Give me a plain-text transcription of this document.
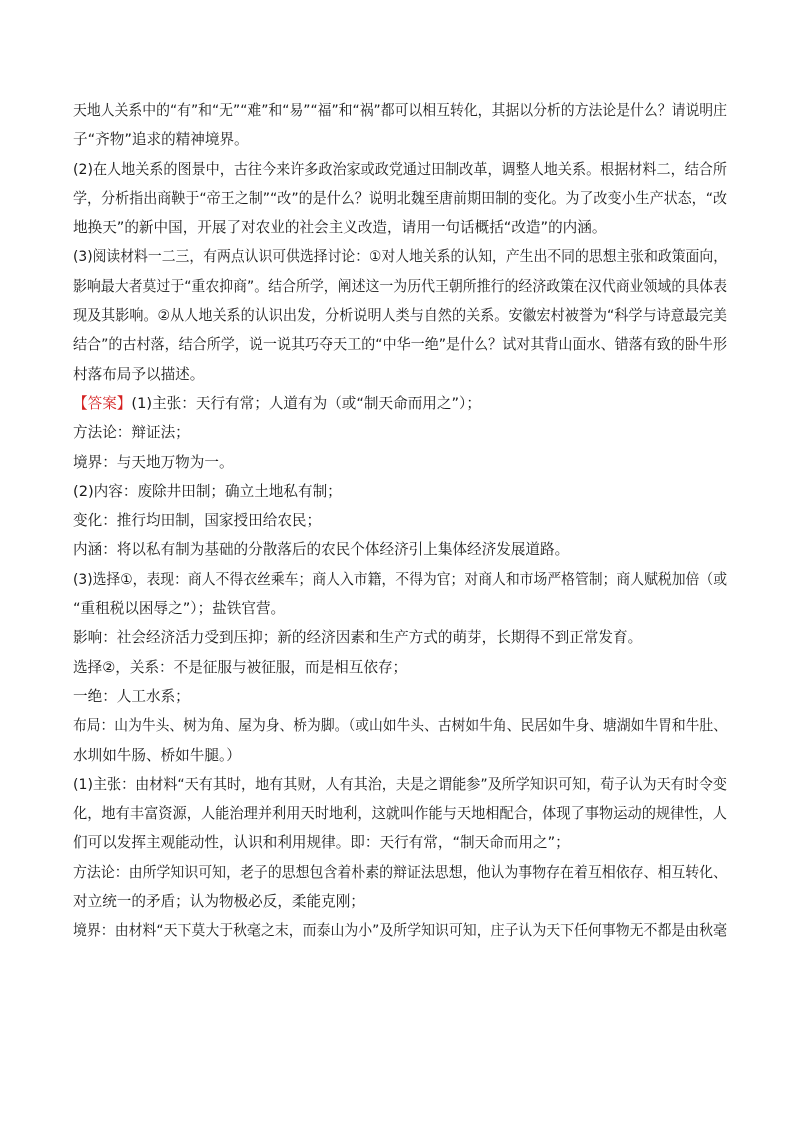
天地人关系中的“有”和“无”“难”和“易”“福”和“祸”都可以相互转化，其据以分析的方法论是什么？请说明庄
子“齐物”追求的精神境界。

(2)在人地关系的图景中，古往今来许多政治家或政党通过田制改革，调整人地关系。根据材料二，结合所
学，分析指出商鞅于“帝王之制”“改”的是什么？说明北魏至唐前期田制的变化。为了改变小生产状态，“改
地换天”的新中国，开展了对农业的社会主义改造，请用一句话概括“改造”的内涵。

(3)阅读材料一二三，有两点认识可供选择讨论：①对人地关系的认知，产生出不同的思想主张和政策面向，
影响最大者莫过于“重农抑商”。结合所学，阐述这一为历代王朝所推行的经济政策在汉代商业领域的具体表
现及其影响。②从人地关系的认识出发，分析说明人类与自然的关系。安徽宏村被誉为“科学与诗意最完美
结合”的古村落，结合所学，说一说其巧夺天工的“中华一绝”是什么？试对其背山面水、错落有致的卧牛形
村落布局予以描述。

【答案】(1)主张：天行有常；人道有为（或“制天命而用之”）；
方法论：辩证法；
境界：与天地万物为一。
(2)内容：废除井田制；确立土地私有制；
变化：推行均田制，国家授田给农民；
内涵：将以私有制为基础的分散落后的农民个体经济引上集体经济发展道路。
(3)选择①，表现：商人不得衣丝乘车；商人入市籍，不得为官；对商人和市场严格管制；商人赋税加倍（或
“重租税以困辱之”）；盐铁官营。
影响：社会经济活力受到压抑；新的经济因素和生产方式的萌芽，长期得不到正常发育。
选择②，关系：不是征服与被征服，而是相互依存；
一绝：人工水系；
布局：山为牛头、树为角、屋为身、桥为脚。（或山如牛头、古树如牛角、民居如牛身、塘湖如牛胃和牛肚、
水圳如牛肠、桥如牛腿。）

(1)主张：由材料“天有其时，地有其财，人有其治，夫是之谓能参”及所学知识可知，荀子认为天有时令变
化，地有丰富资源，人能治理并利用天时地利，这就叫作能与天地相配合，体现了事物运动的规律性，人
们可以发挥主观能动性，认识和利用规律。即：天行有常，“制天命而用之”；

方法论：由所学知识可知，老子的思想包含着朴素的辩证法思想，他认为事物存在着互相依存、相互转化、
对立统一的矛盾；认为物极必反，柔能克刚；

境界：由材料“天下莫大于秋毫之末，而泰山为小”及所学知识可知，庄子认为天下任何事物无不都是由秋毫
